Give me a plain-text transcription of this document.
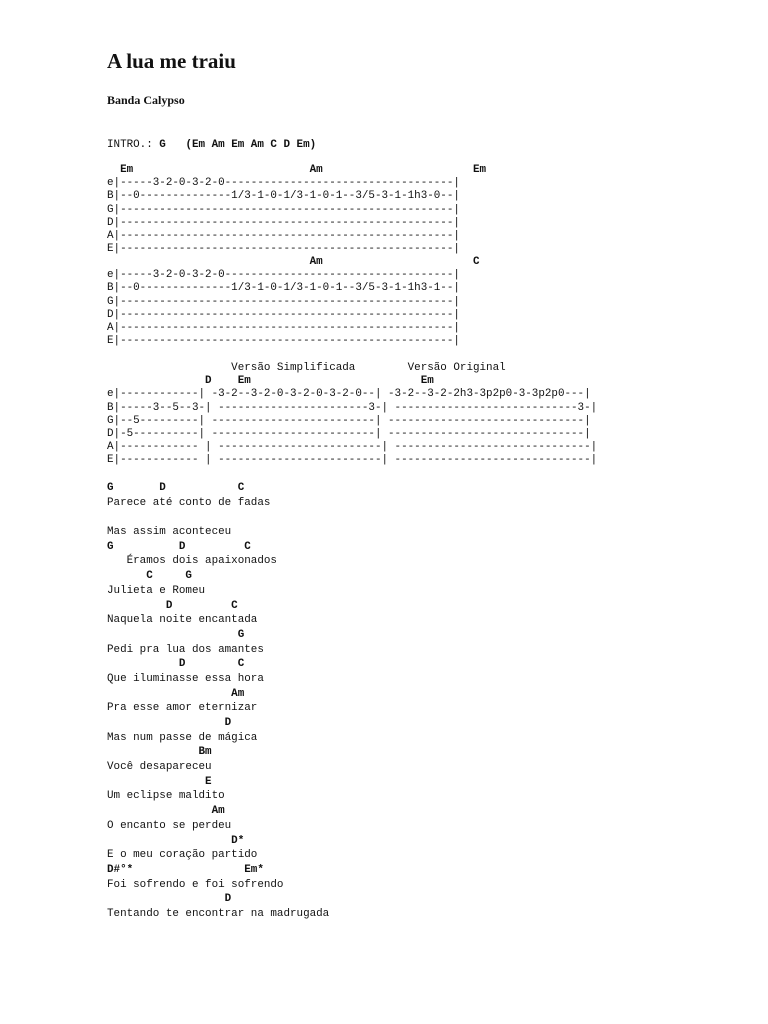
A lua me traiu
Banda Calypso
INTRO.: G   (Em Am Em Am C D Em)
Em                           Am                       Em
e|-----3-2-0-3-2-0-----------------------------------|
B|--0--------------1/3-1-0-1/3-1-0-1--3/5-3-1-1h3-0--|
G|---------------------------------------------------|
D|---------------------------------------------------|
A|---------------------------------------------------|
E|---------------------------------------------------|
Am                       C
e|-----3-2-0-3-2-0-----------------------------------|
B|--0--------------1/3-1-0-1/3-1-0-1--3/5-3-1-1h3-1--|
G|---------------------------------------------------|
D|---------------------------------------------------|
A|---------------------------------------------------|
E|---------------------------------------------------|
Versão Simplificada        Versão Original
D    Em                          Em
e|------------| -3-2--3-2-0-3-2-0-3-2-0--| -3-2--3-2-2h3-3p2p0-3-3p2p0---|
B|-----3--5--3-| -----------------------3-| ----------------------------3-|
G|--5---------| -------------------------| ------------------------------|
D|-5----------| -------------------------| ------------------------------|
A|------------ | -------------------------| ------------------------------|
E|------------ | -------------------------| ------------------------------|
G       D           C
Parece até conto de fadas
Mas assim aconteceu
G          D         C
Éramos dois apaixonados
C     G
Julieta e Romeu
D         C
Naquela noite encantada
G
Pedi pra lua dos amantes
D        C
Que iluminasse essa hora
Am
Pra esse amor eternizar
D
Mas num passe de mágica
Bm
Você desapareceu
E
Um eclipse maldito
Am
O encanto se perdeu
D*
E o meu coração partido
D#°*                 Em*
Foi sofrendo e foi sofrendo
D
Tentando te encontrar na madrugada
